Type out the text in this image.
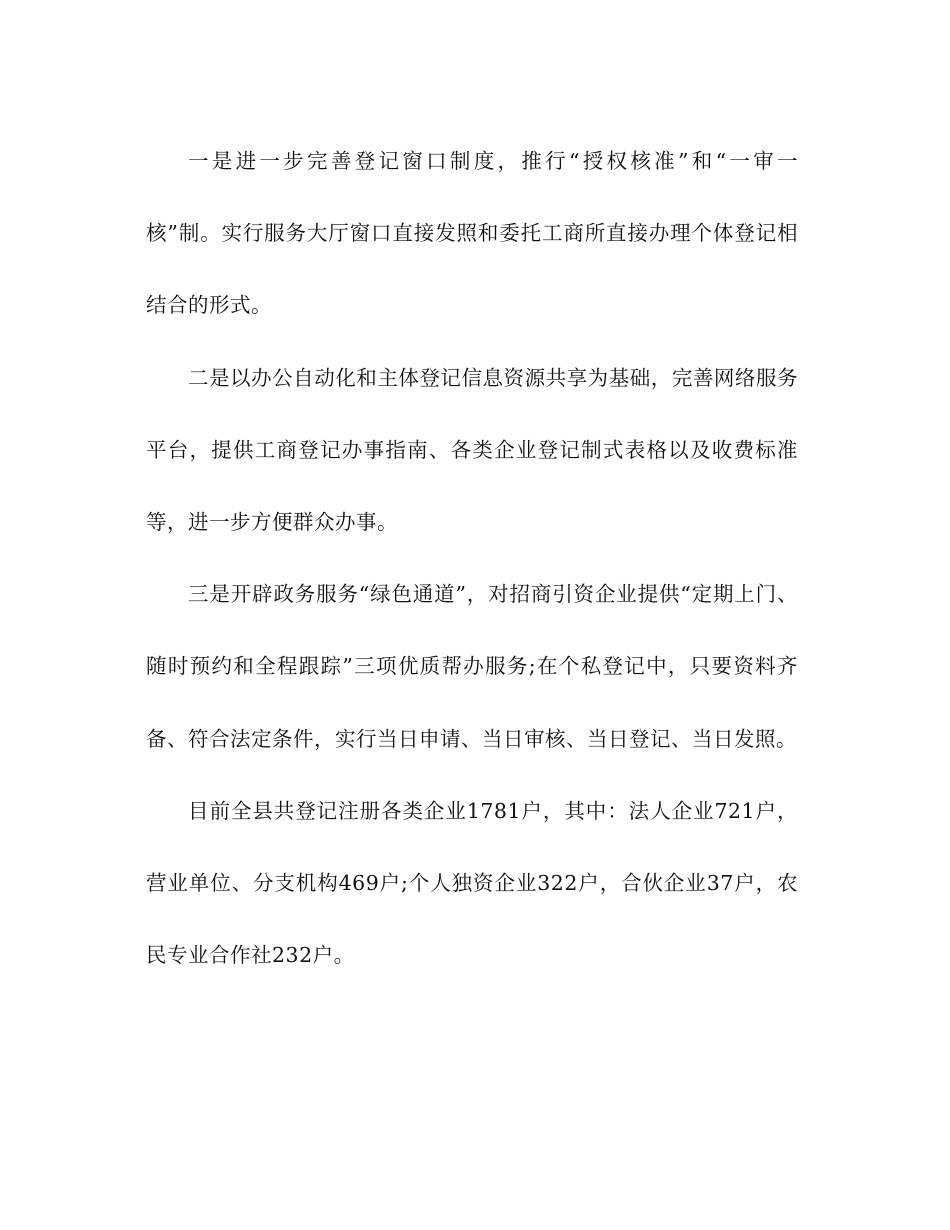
一是进一步完善登记窗口制度，推行“授权核准”和“一审一核”制。实行服务大厅窗口直接发照和委托工商所直接办理个体登记相结合的形式。

二是以办公自动化和主体登记信息资源共享为基础，完善网络服务平台，提供工商登记办事指南、各类企业登记制式表格以及收费标准等，进一步方便群众办事。

三是开辟政务服务“绿色通道”，对招商引资企业提供“定期上门、随时预约和全程跟踪”三项优质帮办服务;在个私登记中，只要资料齐备、符合法定条件，实行当日申请、当日审核、当日登记、当日发照。

目前全县共登记注册各类企业1781户，其中：法人企业721户，营业单位、分支机构469户;个人独资企业322户，合伙企业37户，农民专业合作社232户。
